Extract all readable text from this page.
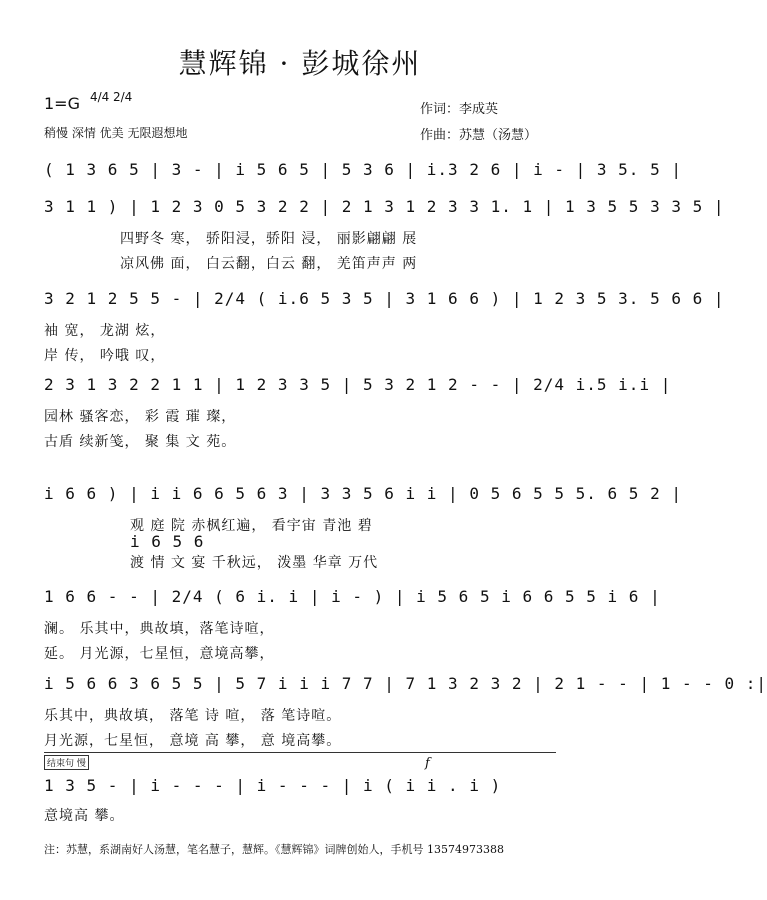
慧辉锦 · 彭城徐州
1=G 4/4 2/4
稍慢 深情 优美 无限遐想地
作词：李成英
作曲：苏慧（汤慧）
( 1 3 6 5 | 3 - | i 5 6 5 | 5 3 6 | i.3 2 6 | i - | 3 5. 5 |
3 1 1 ) | 1 2 3 0 5 3 2 2 | 2 1 3 1 2 3 3 1. 1 | 1 3 5 5 3 3 5 |
四野冬 寒， 骄阳浸，骄阳 浸， 丽影翩翩 展
凉风佛 面， 白云翻，白云 翻， 羌笛声声 两
3 2 1 2 5 5 - | 2/4 ( i.6 5 3 5 | 3 1 6 6 ) | 1 2 3 5 3. 5 6 6 |
袖 宽， 龙湖 炫，
岸 传， 吟哦 叹，
2 3 1 3 2 2 1 1 | 1 2 3 3 5 | 5 3 2 1 2 - - | 2/4 i.5 i.i |
园林 骚客恋， 彩 霞 璀 璨，
古盾 续新笺， 聚 集 文 苑。
i 6 6 ) | i i 6 6 5 6 3 | 3 3 5 6 i i | 0 5 6 5 5 5. 6 5 2 |
观 庭 院 赤枫红遍， 看宇宙 青池 碧
i 6 5 6
渡 情 文 宴 千秋远， 泼墨 华章 万代
1 6 6 - - | 2/4 ( 6 i. i | i - ) | i 5 6 5 i 6 6 5 5 i 6 |
澜。 乐其中，典故填，落笔诗喧，
延。 月光源，七星恒，意境高攀，
i 5 6 6 3 6 5 5 | 5 7 i i i 7 7 | 7 1 3 2 3 2 | 2 1 - - | 1 - - 0 :|
乐其中，典故填， 落笔 诗 喧， 落 笔诗喧。
月光源，七星恒， 意境 高 攀， 意 境高攀。
结束句 慢	f
1 3 5 - | i - - - | i - - - | i ( i i . i )
意境高 攀。
注：苏慧，系湖南好人汤慧，笔名慧子，慧辉。《慧辉锦》词牌创始人，手机号 13574973388
